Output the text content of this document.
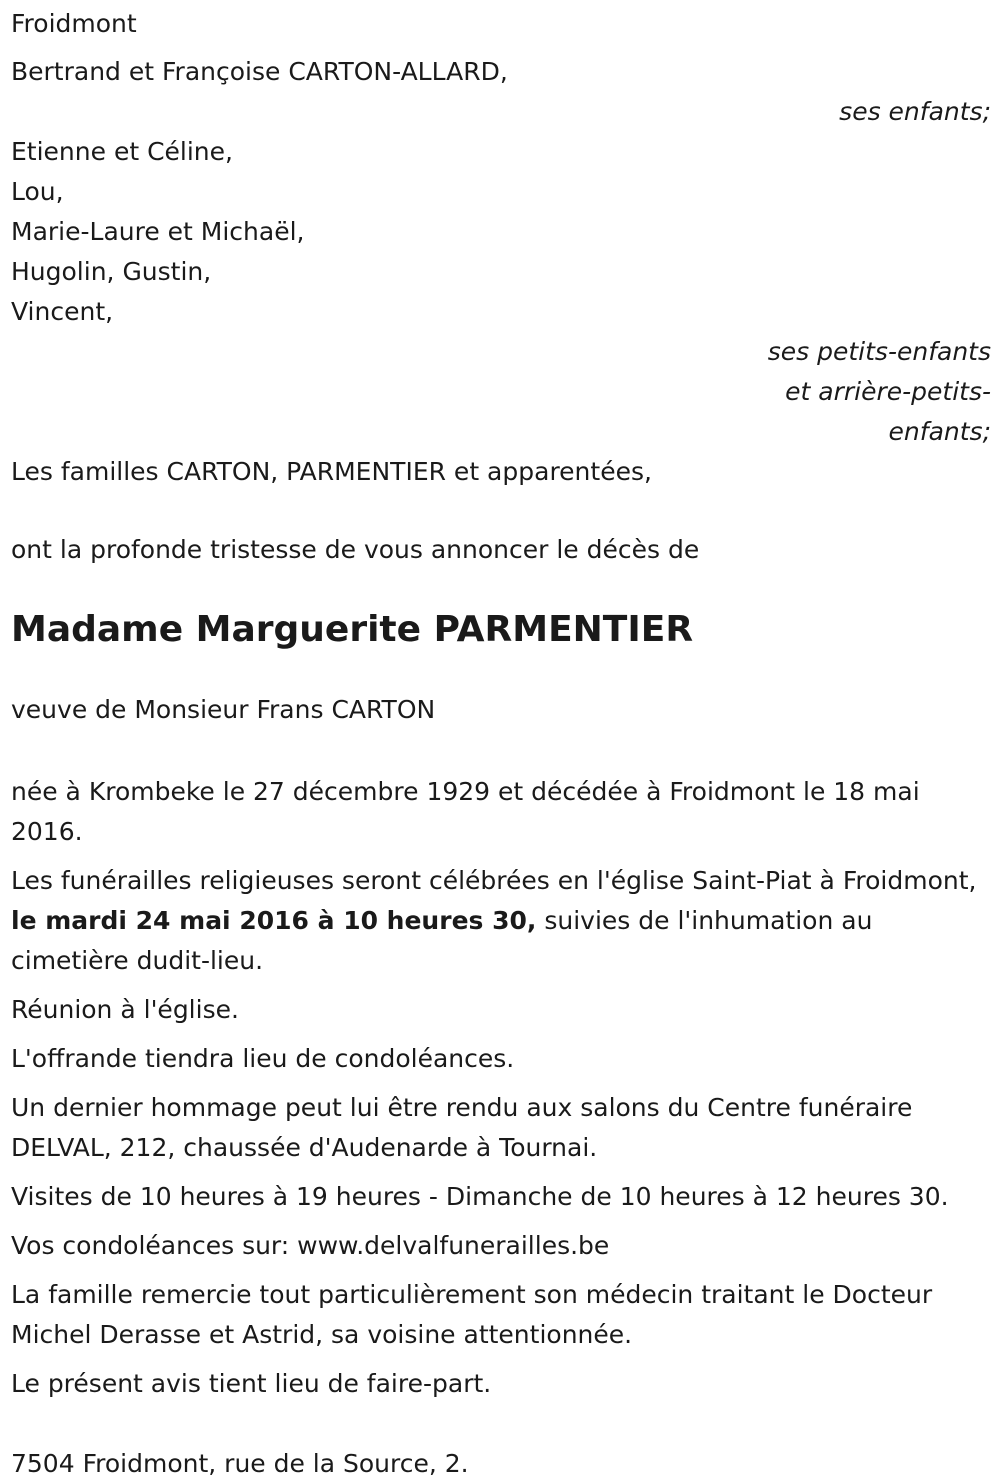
Froidmont

Bertrand et Françoise CARTON-ALLARD,

ses enfants;

Etienne et Céline,

Lou,

Marie-Laure et Michaël,

Hugolin, Gustin,

Vincent,

ses petits-enfants

et arrière-petits-

enfants;

Les familles CARTON, PARMENTIER et apparentées,

ont la profonde tristesse de vous annoncer le décès de

Madame Marguerite PARMENTIER

veuve de Monsieur Frans CARTON

née à Krombeke le 27 décembre 1929 et décédée à Froidmont le 18 mai 2016.

Les funérailles religieuses seront célébrées en l'église Saint-Piat à Froidmont, le mardi 24 mai 2016 à 10 heures 30, suivies de l'inhumation au cimetière dudit-lieu.

Réunion à l'église.

L'offrande tiendra lieu de condoléances.

Un dernier hommage peut lui être rendu aux salons du Centre funéraire DELVAL, 212, chaussée d'Audenarde à Tournai.

Visites de 10 heures à 19 heures - Dimanche de 10 heures à 12 heures 30.

Vos condoléances sur: www.delvalfunerailles.be

La famille remercie tout particulièrement son médecin traitant le Docteur Michel Derasse et Astrid, sa voisine attentionnée.

Le présent avis tient lieu de faire-part.

7504 Froidmont, rue de la Source, 2.
